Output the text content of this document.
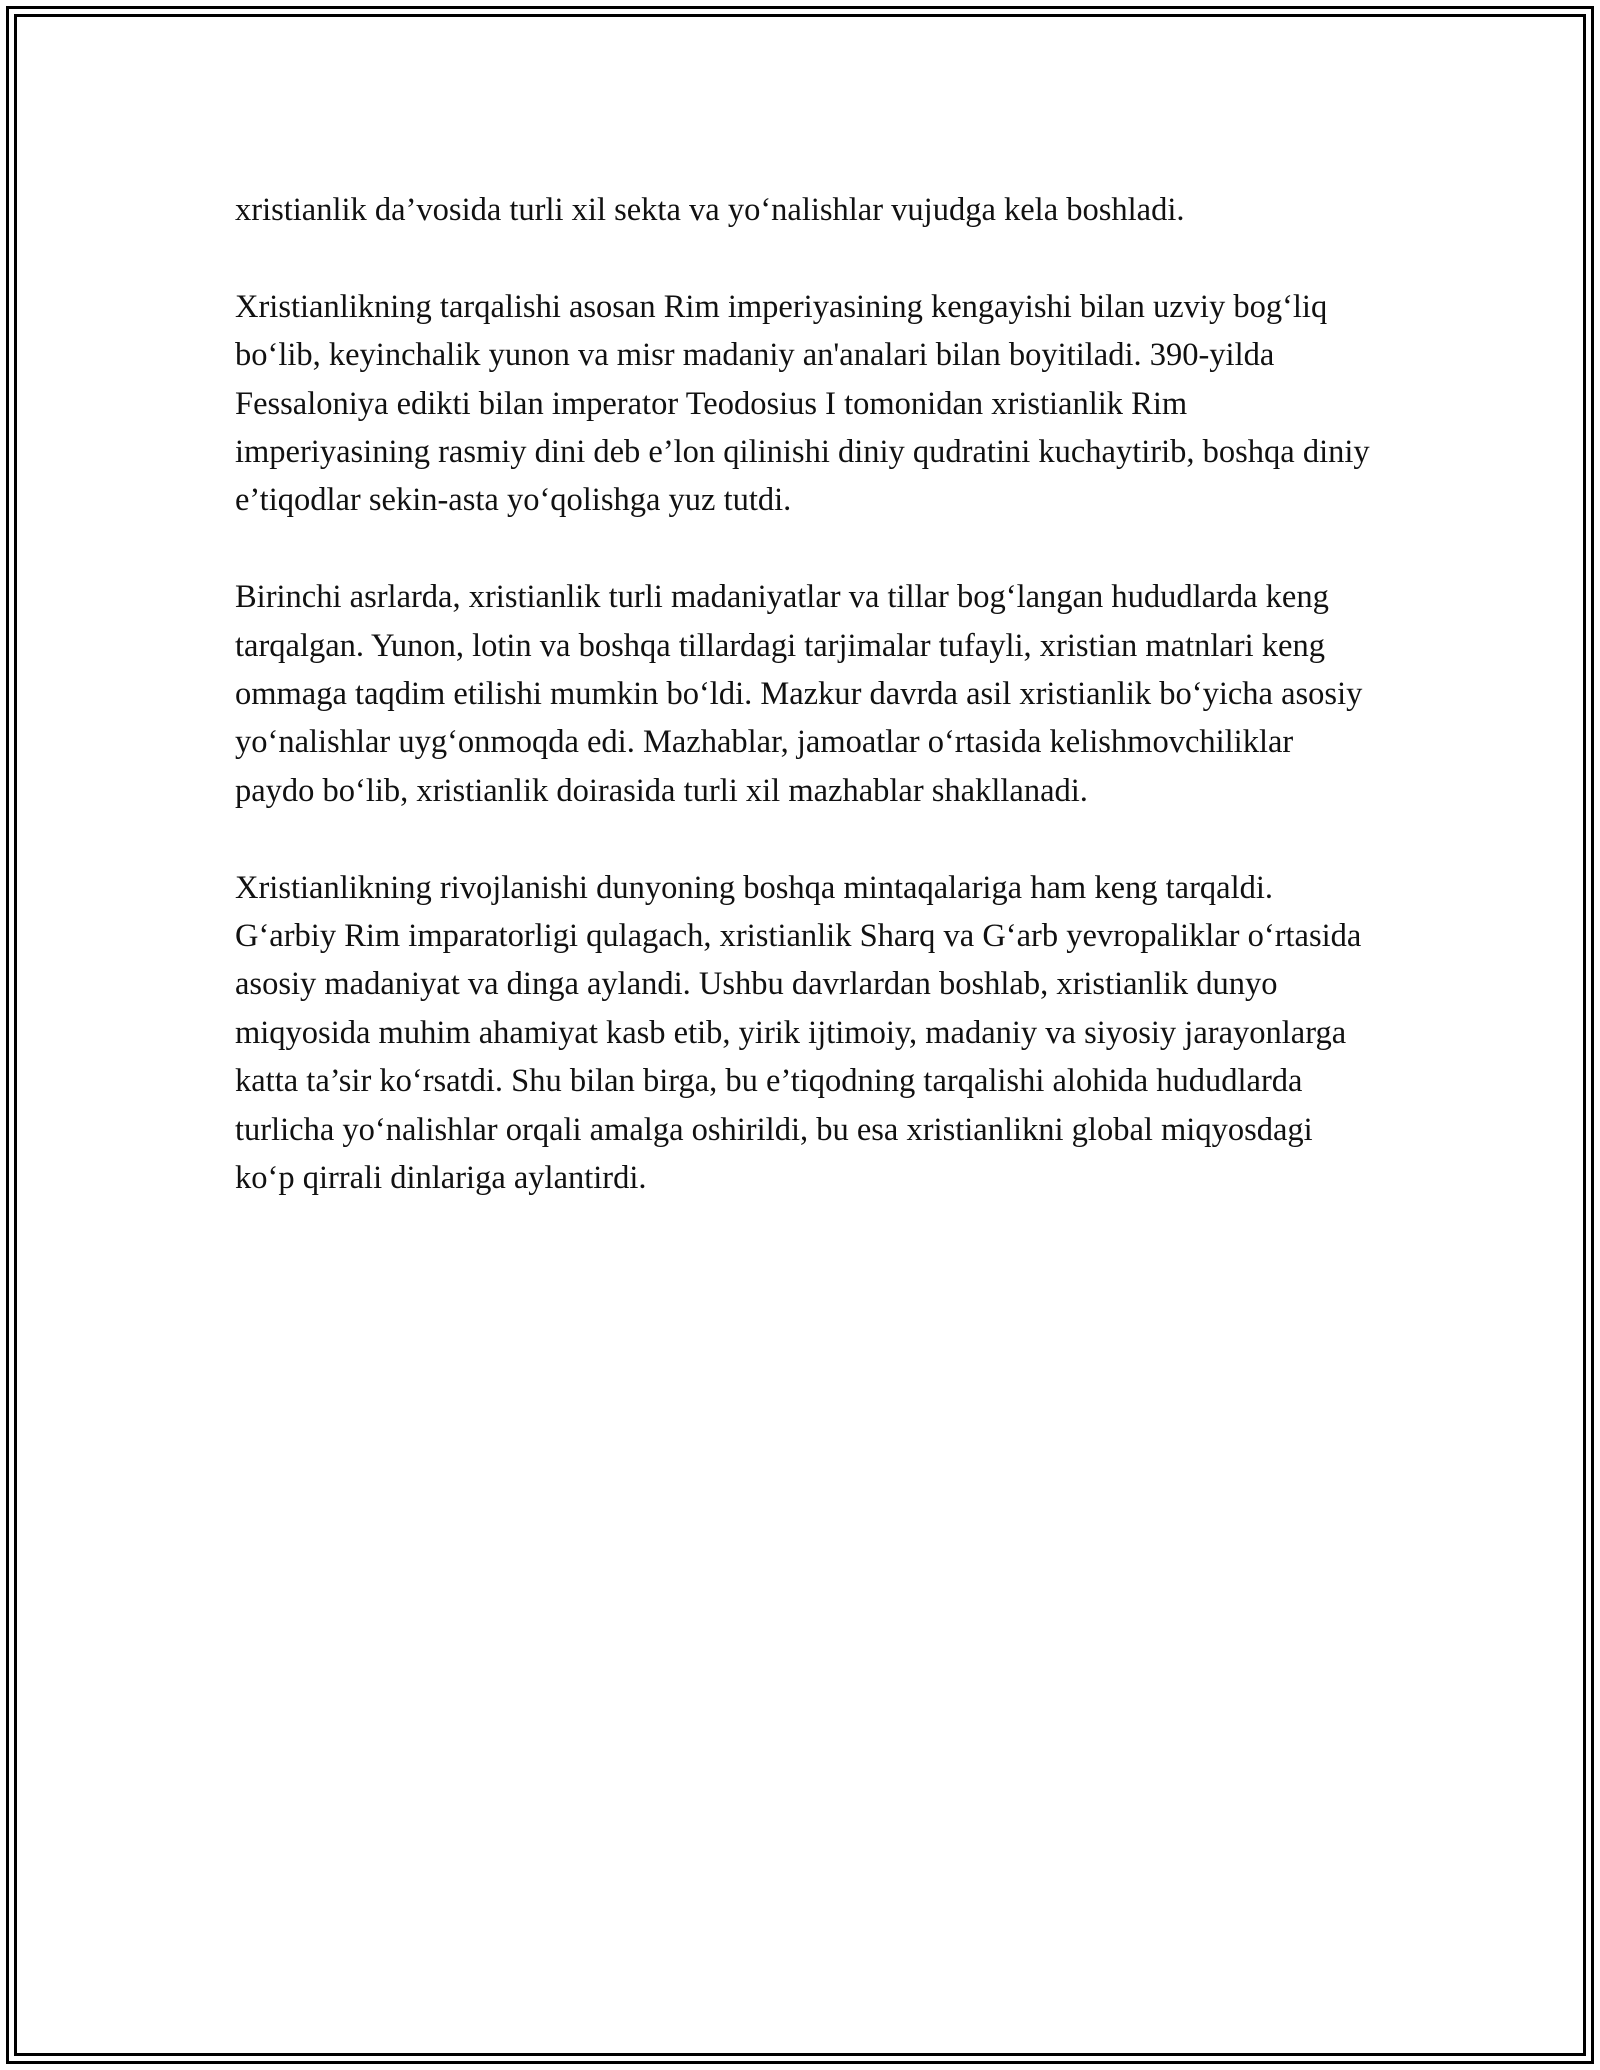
xristianlik da’vosida turli xil sekta va yo‘nalishlar vujudga kela boshladi.

Xristianlikning tarqalishi asosan Rim imperiyasining kengayishi bilan uzviy bog‘liq bo‘lib, keyinchalik yunon va misr madaniy an'analari bilan boyitiladi. 390-yilda Fessaloniya edikti bilan imperator Teodosius I tomonidan xristianlik Rim imperiyasining rasmiy dini deb e’lon qilinishi diniy qudratini kuchaytirib, boshqa diniy e’tiqodlar sekin-asta yo‘qolishga yuz tutdi.

Birinchi asrlarda, xristianlik turli madaniyatlar va tillar bog‘langan hududlarda keng tarqalgan. Yunon, lotin va boshqa tillardagi tarjimalar tufayli, xristian matnlari keng ommaga taqdim etilishi mumkin bo‘ldi. Mazkur davrda asil xristianlik bo‘yicha asosiy yo‘nalishlar uyg‘onmoqda edi. Mazhablar, jamoatlar o‘rtasida kelishmovchiliklar paydo bo‘lib, xristianlik doirasida turli xil mazhablar shakllanadi.

Xristianlikning rivojlanishi dunyoning boshqa mintaqalariga ham keng tarqaldi. G‘arbiy Rim imparatorligi qulagach, xristianlik Sharq va G‘arb yevropaliklar o‘rtasida asosiy madaniyat va dinga aylandi. Ushbu davrlardan boshlab, xristianlik dunyo miqyosida muhim ahamiyat kasb etib, yirik ijtimoiy, madaniy va siyosiy jarayonlarga katta ta’sir ko‘rsatdi. Shu bilan birga, bu e’tiqodning tarqalishi alohida hududlarda turlicha yo‘nalishlar orqali amalga oshirildi, bu esa xristianlikni global miqyosdagi ko‘p qirrali dinlariga aylantirdi.
